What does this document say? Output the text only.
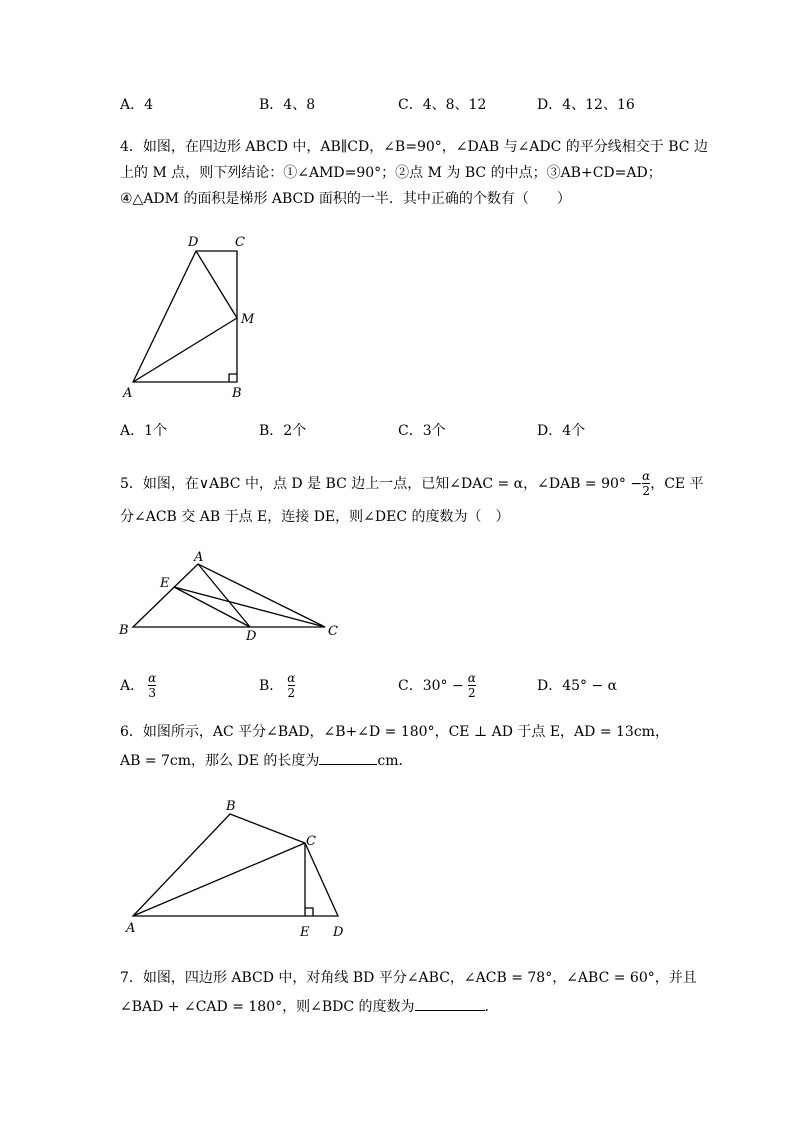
A．4	B．4、8	C．4、8、12	D．4、12、16
4．如图，在四边形 ABCD 中，AB∥CD，∠B=90°，∠DAB 与∠ADC 的平分线相交于 BC 边
上的 M 点，则下列结论：①∠AMD=90°；②点 M 为 BC 的中点；③AB+CD=AD；
④△ADM 的面积是梯形 ABCD 面积的一半．其中正确的个数有（　　）
D	C
M
A	B
A．1个	B．2个	C．3个	D．4个
5．如图，在∨ABC 中，点 D 是 BC 边上一点，已知∠DAC = α，∠DAB = $90^\circ - \frac{\alpha}{2}$ ，CE 平
分∠ACB 交 AB 于点 E，连接 DE，则∠DEC 的度数为（　）
A
E
B	D	C
A． $\frac{\alpha}{3}$	B． $\frac{\alpha}{2}$	C．$30^\circ - \frac{\alpha}{2}$	D．45° − α
6．如图所示，AC 平分∠BAD，∠B+∠D = 180°，CE ⊥ AD 于点 E，AD = 13cm，
AB = 7cm，那么 DE 的长度为	cm．
B
C
A	E D
7．如图，四边形 ABCD 中，对角线 BD 平分∠ABC，∠ACB = 78°，∠ABC = 60°，并且
∠BAD + ∠CAD = 180°，则∠BDC 的度数为	．
